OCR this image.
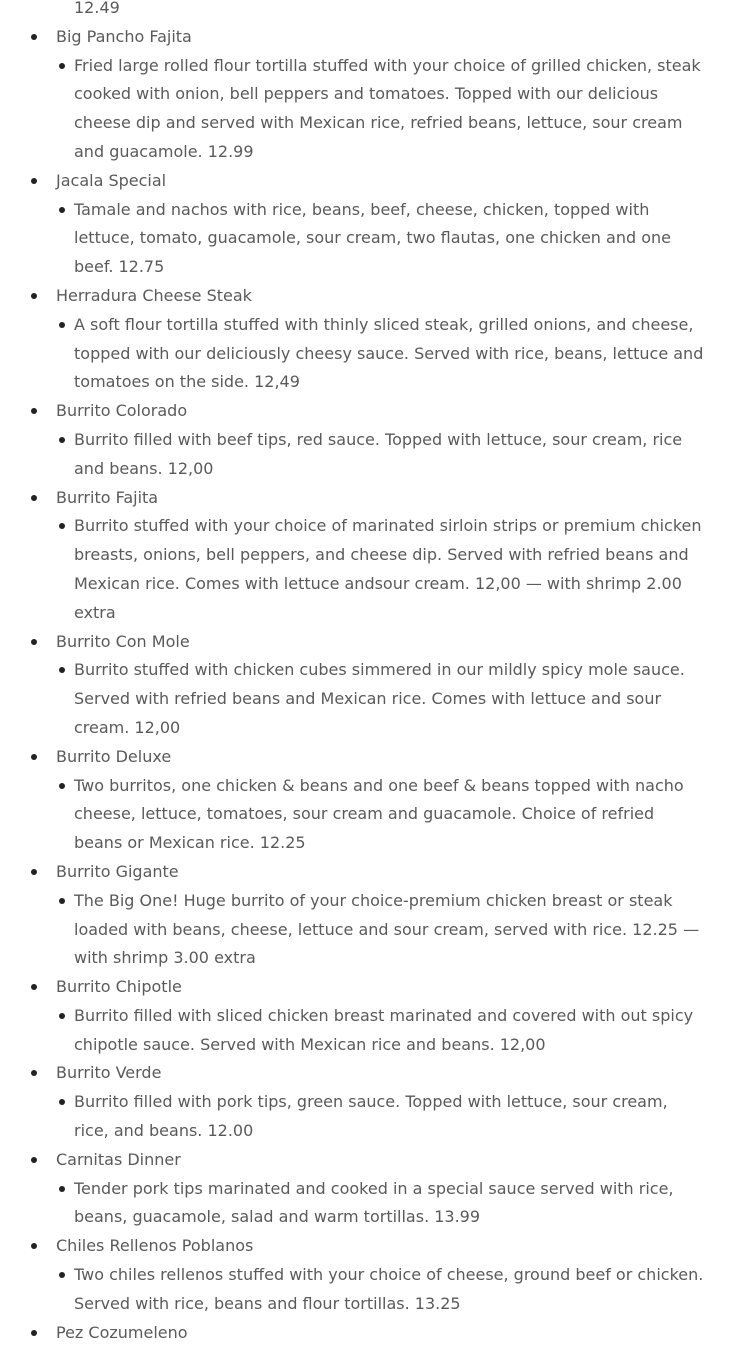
12.49

Big Pancho Fajita
Fried large rolled flour tortilla stuffed with your choice of grilled chicken, steak cooked with onion, bell peppers and tomatoes. Topped with our delicious cheese dip and served with Mexican rice, refried beans, lettuce, sour cream and guacamole. 12.99
Jacala Special
Tamale and nachos with rice, beans, beef, cheese, chicken, topped with lettuce, tomato, guacamole, sour cream, two flautas, one chicken and one beef. 12.75
Herradura Cheese Steak
A soft flour tortilla stuffed with thinly sliced steak, grilled onions, and cheese, topped with our deliciously cheesy sauce. Served with rice, beans, lettuce and tomatoes on the side. 12,49
Burrito Colorado
Burrito filled with beef tips, red sauce. Topped with lettuce, sour cream, rice and beans. 12,00
Burrito Fajita
Burrito stuffed with your choice of marinated sirloin strips or premium chicken breasts, onions, bell peppers, and cheese dip. Served with refried beans and Mexican rice. Comes with lettuce andsour cream. 12,00 — with shrimp 2.00 extra
Burrito Con Mole
Burrito stuffed with chicken cubes simmered in our mildly spicy mole sauce. Served with refried beans and Mexican rice. Comes with lettuce and sour cream. 12,00
Burrito Deluxe
Two burritos, one chicken & beans and one beef & beans topped with nacho cheese, lettuce, tomatoes, sour cream and guacamole. Choice of refried beans or Mexican rice. 12.25
Burrito Gigante
The Big One! Huge burrito of your choice-premium chicken breast or steak loaded with beans, cheese, lettuce and sour cream, served with rice. 12.25 — with shrimp 3.00 extra
Burrito Chipotle
Burrito filled with sliced chicken breast marinated and covered with out spicy chipotle sauce. Served with Mexican rice and beans. 12,00
Burrito Verde
Burrito filled with pork tips, green sauce. Topped with lettuce, sour cream, rice, and beans. 12.00
Carnitas Dinner
Tender pork tips marinated and cooked in a special sauce served with rice, beans, guacamole, salad and warm tortillas. 13.99
Chiles Rellenos Poblanos
Two chiles rellenos stuffed with your choice of cheese, ground beef or chicken. Served with rice, beans and flour tortillas. 13.25
Pez Cozumeleno
